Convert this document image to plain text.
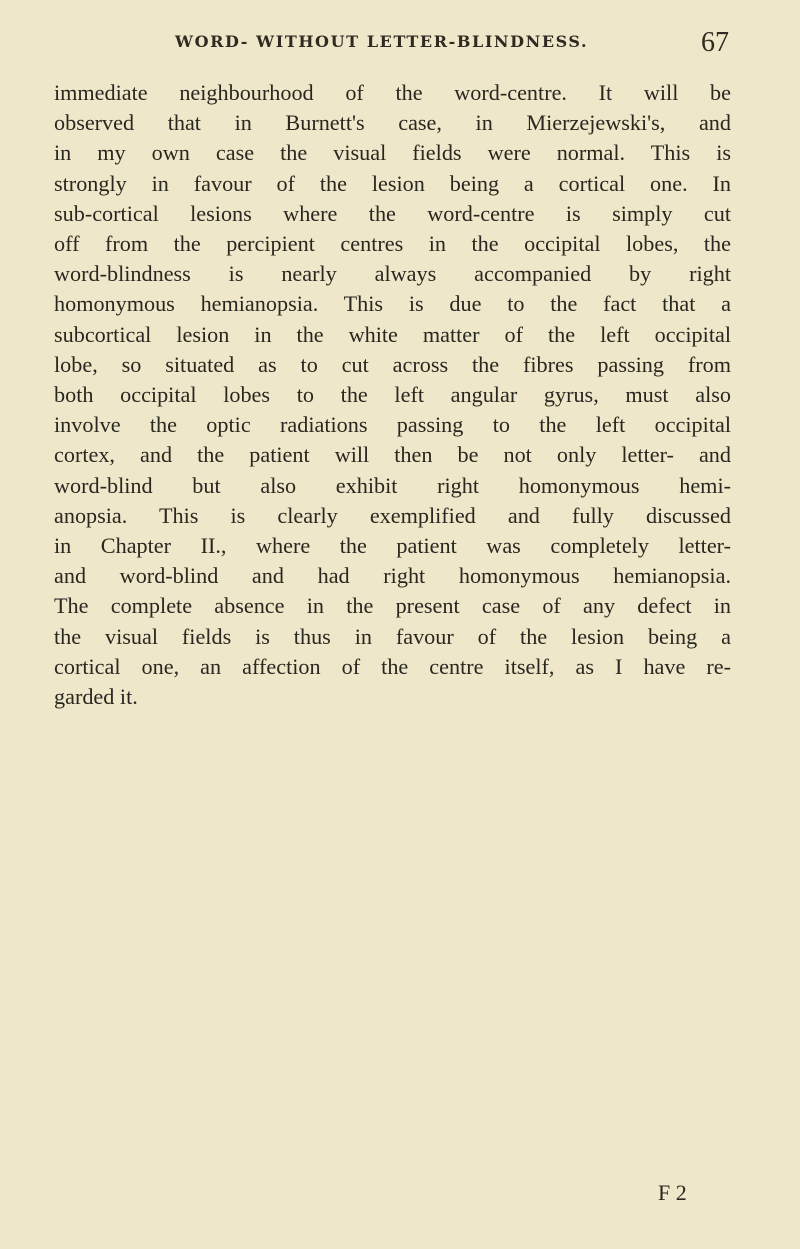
WORD- WITHOUT LETTER-BLINDNESS.	67
immediate neighbourhood of the word-centre. It will be
observed that in Burnett's case, in Mierzejewski's, and
in my own case the visual fields were normal. This is
strongly in favour of the lesion being a cortical one. In
sub-cortical lesions where the word-centre is simply cut
off from the percipient centres in the occipital lobes, the
word-blindness is nearly always accompanied by right
homonymous hemianopsia. This is due to the fact that a
subcortical lesion in the white matter of the left occipital
lobe, so situated as to cut across the fibres passing from
both occipital lobes to the left angular gyrus, must also
involve the optic radiations passing to the left occipital
cortex, and the patient will then be not only letter- and
word-blind but also exhibit right homonymous hemi-
anopsia. This is clearly exemplified and fully discussed
in Chapter II., where the patient was completely letter-
and word-blind and had right homonymous hemianopsia.
The complete absence in the present case of any defect in
the visual fields is thus in favour of the lesion being a
cortical one, an affection of the centre itself, as I have re-
garded it.
F 2
